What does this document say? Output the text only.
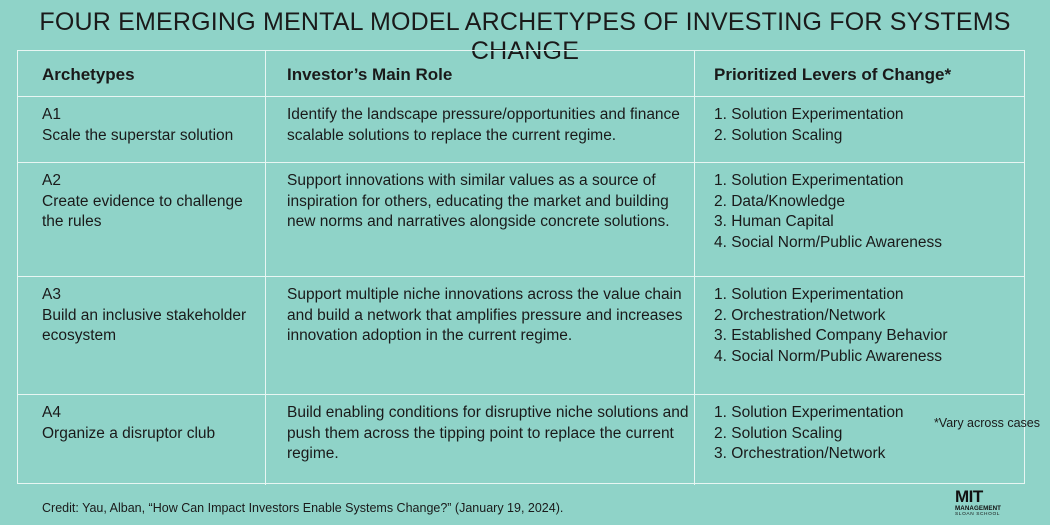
FOUR EMERGING MENTAL MODEL ARCHETYPES OF INVESTING FOR SYSTEMS CHANGE
Archetypes	Investor’s Main Role	Prioritized Levers of Change*
A1
Scale the superstar solution
Identify the landscape pressure/opportunities and finance scalable solutions to replace the current regime.
1. Solution Experimentation
2. Solution Scaling
A2
Create evidence to challenge the rules
Support innovations with similar values as a source of inspiration for others, educating the market and building new norms and narratives alongside concrete solutions.
1. Solution Experimentation
2. Data/Knowledge
3. Human Capital
4. Social Norm/Public Awareness
A3
Build an inclusive stakeholder ecosystem
Support multiple niche innovations across the value chain and build a network that amplifies pressure and increases innovation adoption in the current regime.
1. Solution Experimentation
2. Orchestration/Network
3. Established Company Behavior
4. Social Norm/Public Awareness
A4
Organize a disruptor club
Build enabling conditions for disruptive niche solutions and push them across the tipping point to replace the current regime.
1. Solution Experimentation
2. Solution Scaling
3. Orchestration/Network
*Vary across cases
Credit: Yau, Alban, “How Can Impact Investors Enable Systems Change?” (January 19, 2024).
MIT
MANAGEMENT
SLOAN SCHOOL
